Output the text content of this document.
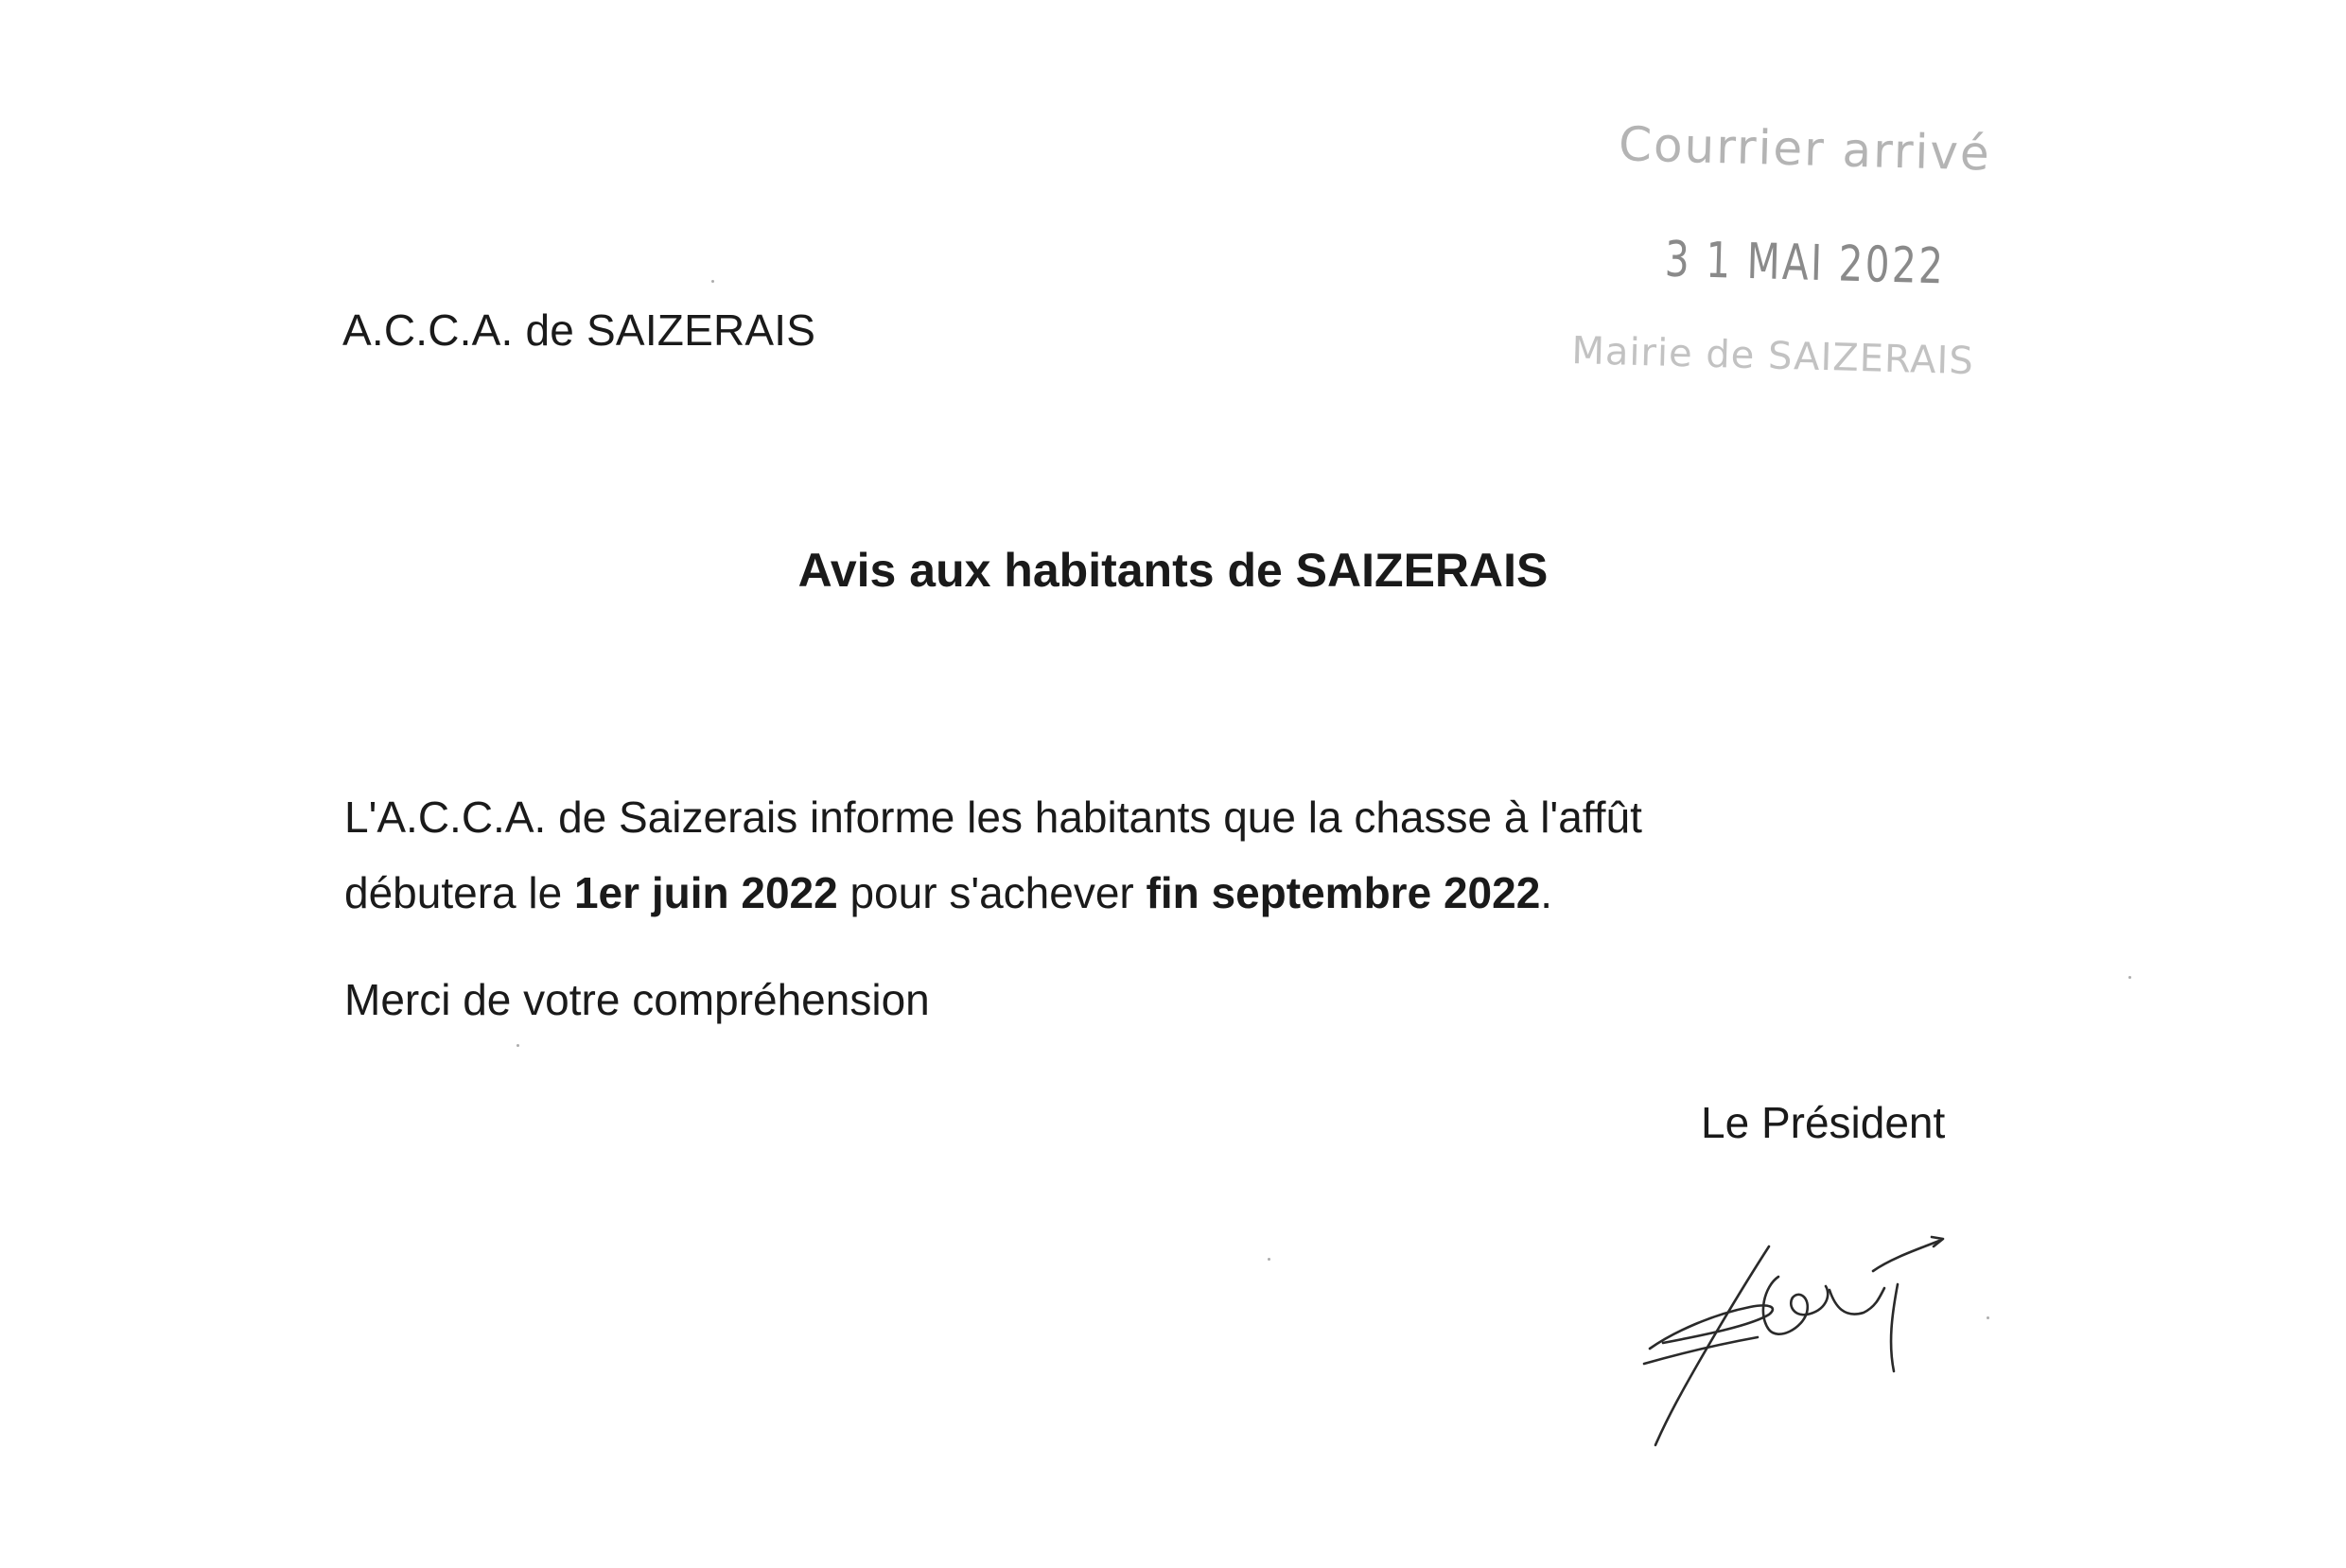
A.C.C.A. de SAIZERAIS
Courrier arrivé
3 1 MAI 2022
Mairie de SAIZERAIS
Avis aux habitants de SAIZERAIS
L'A.C.C.A. de Saizerais informe les habitants que la chasse à l'affût
débutera le 1er juin 2022 pour s'achever fin septembre 2022.
Merci de votre compréhension
Le Président
